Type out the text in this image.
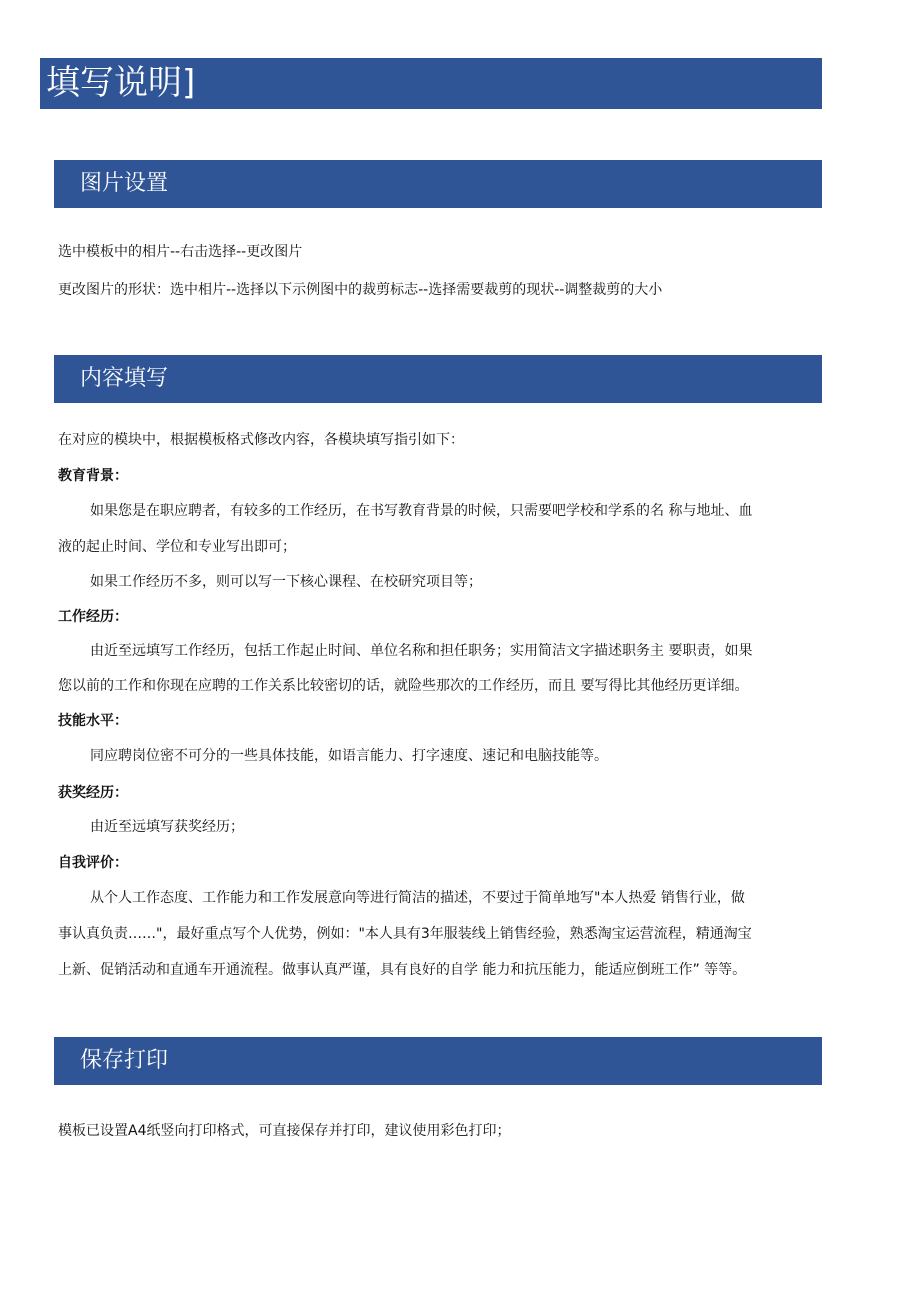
填写说明]
图片设置
选中模板中的相片--右击选择--更改图片
更改图片的形状：选中相片--选择以下示例图中的裁剪标志--选择需要裁剪的现状--调整裁剪的大小
内容填写
在对应的模块中，根据模板格式修改内容，各模块填写指引如下：
教育背景：
如果您是在职应聘者，有较多的工作经历，在书写教育背景的时候，只需要吧学校和学系的名 称与地址、血
液的起止时间、学位和专业写出即可；
如果工作经历不多，则可以写一下核心课程、在校研究项目等；
工作经历：
由近至远填写工作经历，包括工作起止时间、单位名称和担任职务；实用简洁文字描述职务主 要职责，如果
您以前的工作和你现在应聘的工作关系比较密切的话，就险些那次的工作经历，而且 要写得比其他经历更详细。
技能水平：
同应聘岗位密不可分的一些具体技能，如语言能力、打字速度、速记和电脑技能等。
获奖经历：
由近至远填写获奖经历；
自我评价：
从个人工作态度、工作能力和工作发展意向等进行简洁的描述，不要过于简单地写"本人热爱 销售行业，做
事认真负责……"，最好重点写个人优势，例如："本人具有3年服装线上销售经验，熟悉淘宝运营流程，精通淘宝
上新、促销活动和直通车开通流程。做事认真严谨，具有良好的自学 能力和抗压能力，能适应倒班工作” 等等。
保存打印
模板已设置A4纸竖向打印格式，可直接保存并打印，建议使用彩色打印；
